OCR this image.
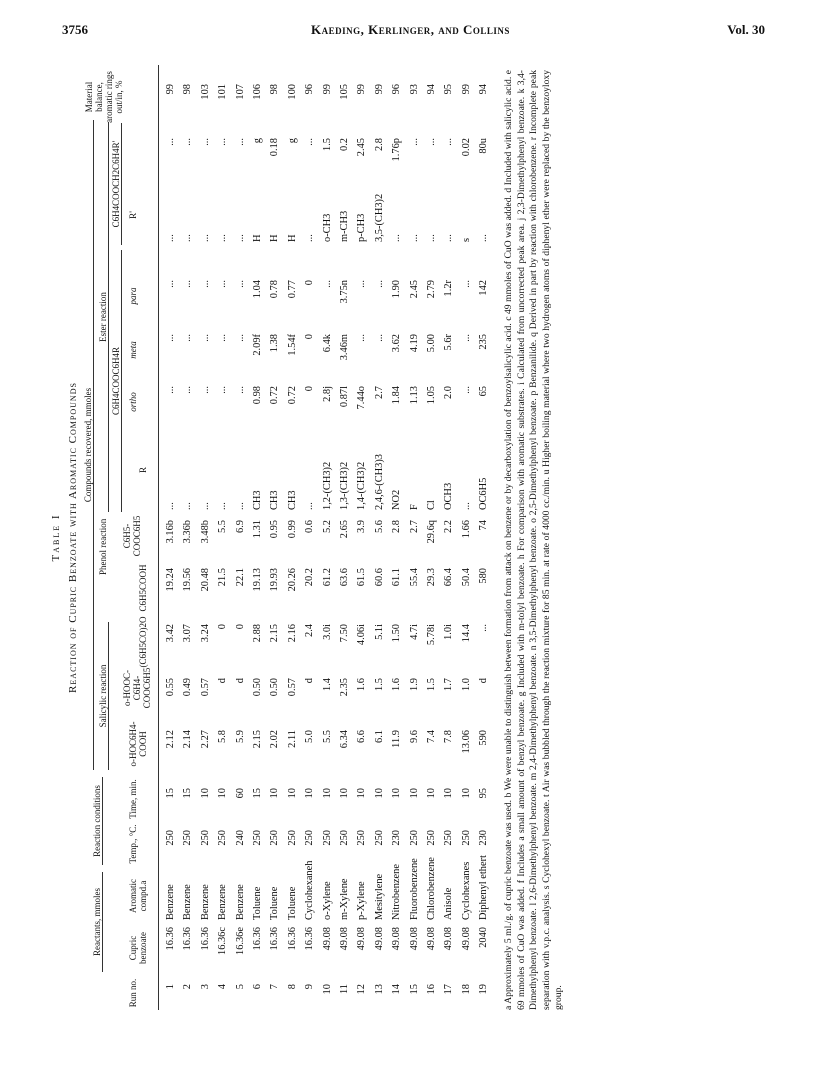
3756	Kaeding, Kerlinger, and Collins	Vol. 30
Table I Reaction of Cupric Benzoate with Aromatic Compounds
Reactants, mmoles
Reaction conditions
Compounds recovered, mmoles
Salicylic reaction
Phenol reaction
Ester reaction
C6H4COOC6H4R
C6H4COOCH2C6H4R'
Run no.
Cupric benzoate
Aromatic compd.a
Temp., °C.
Time, min.
o-HOC6H4-COOH
o-HOOC-C6H4-COOC6H5
(C6H5CO)2O
C6H5COOH
C6H5-COOC6H5
R
ortho
meta
para
R'
Material balance, aromatic rings out/in, %
1
16.36
Benzene
250
15
2.12
0.55
3.42
19.24
3.16b
...
...
...
...
...
...
99
2
16.36
Benzene
250
15
2.14
0.49
3.07
19.56
3.36b
...
...
...
...
...
...
98
3
16.36
Benzene
250
10
2.27
0.57
3.24
20.48
3.48b
...
...
...
...
...
...
103
4
16.36c
Benzene
250
10
5.8
d
0
21.5
5.5
...
...
...
...
...
...
101
5
16.36e
Benzene
240
60
5.9
d
0
22.1
6.9
...
...
...
...
...
...
107
6
16.36
Toluene
250
15
2.15
0.50
2.88
19.13
1.31
CH3
0.98
2.09f
1.04
H
g
106
7
16.36
Toluene
250
10
2.02
0.50
2.15
19.93
0.95
CH3
0.72
1.38
0.78
H
0.18
98
8
16.36
Toluene
250
10
2.11
0.57
2.16
20.26
0.99
CH3
0.72
1.54f
0.77
H
g
100
9
16.36
Cyclohexaneh
250
10
5.0
d
2.4
20.2
0.6
...
0
0
0
...
...
96
10
49.08
o-Xylene
250
10
5.5
1.4
3.0i
61.2
5.2
1,2-(CH3)2
2.8j
6.4k
...
o-CH3
1.5
99
11
49.08
m-Xylene
250
10
6.34
2.35
7.50
63.6
2.65
1,3-(CH3)2
0.87l
3.46m
3.75n
m-CH3
0.2
105
12
49.08
p-Xylene
250
10
6.6
1.6
4.06i
61.5
3.9
1,4-(CH3)2
7.44o
...
...
p-CH3
2.45
99
13
49.08
Mesitylene
250
10
6.1
1.5
5.1i
60.6
5.6
2,4,6-(CH3)3
2.7
...
...
3,5-(CH3)2
2.8
99
14
49.08
Nitrobenzene
230
10
11.9
1.6
1.50
61.1
2.8
NO2
1.84
3.62
1.90
...
1.76p
96
15
49.08
Fluorobenzene
250
10
9.6
1.9
4.7i
55.4
2.7
F
1.13
4.19
2.45
...
...
93
16
49.08
Chlorobenzene
250
10
7.4
1.5
5.78i
29.3
29.6q
Cl
1.05
5.00
2.79
...
...
94
17
49.08
Anisole
250
10
7.8
1.7
1.0i
66.4
2.2
OCH3
2.0
5.6r
1.2r
...
...
95
18
49.08
Cyclohexanes
250
10
13.06
1.0
14.4
50.4
1.66
...
...
...
...
s
0.02
99
19
2040
Diphenyl ethert
230
95
590
d
...
580
74
OC6H5
65
235
142
...
80u
94 a Approximately 5 ml./g. of cupric benzoate was used. b We were unable to distinguish between formation from attack on benzene or by decarboxylation of benzoylsalicylic acid. c 49 mmoles of CuO was added. d Included with salicylic acid. e 69 mmoles of CuO was added. f Includes a small amount of benzyl benzoate. g Included with m-tolyl benzoate. h For comparison with aromatic substrates. i Calculated from uncorrected peak area. j 2,3-Dimethylphenyl benzoate. k 3,4-Dimethylphenyl benzoate. l 2,6-Dimethylphenyl benzoate. m 2,4-Dimethylphenyl benzoate. n 3,5-Dimethylphenyl benzoate. o 2,5-Dimethylphenyl benzoate. p Benzanilide. q Derived in part by reaction with chlorobenzene. r Incomplete peak separation with v.p.c. analysis. s Cyclohexyl benzoate. t Air was bubbled through the reaction mixture for 85 min. at rate of 4000 cc./min. u Higher boiling material where two hydrogen atoms of diphenyl ether were replaced by the benzoyloxy group.
